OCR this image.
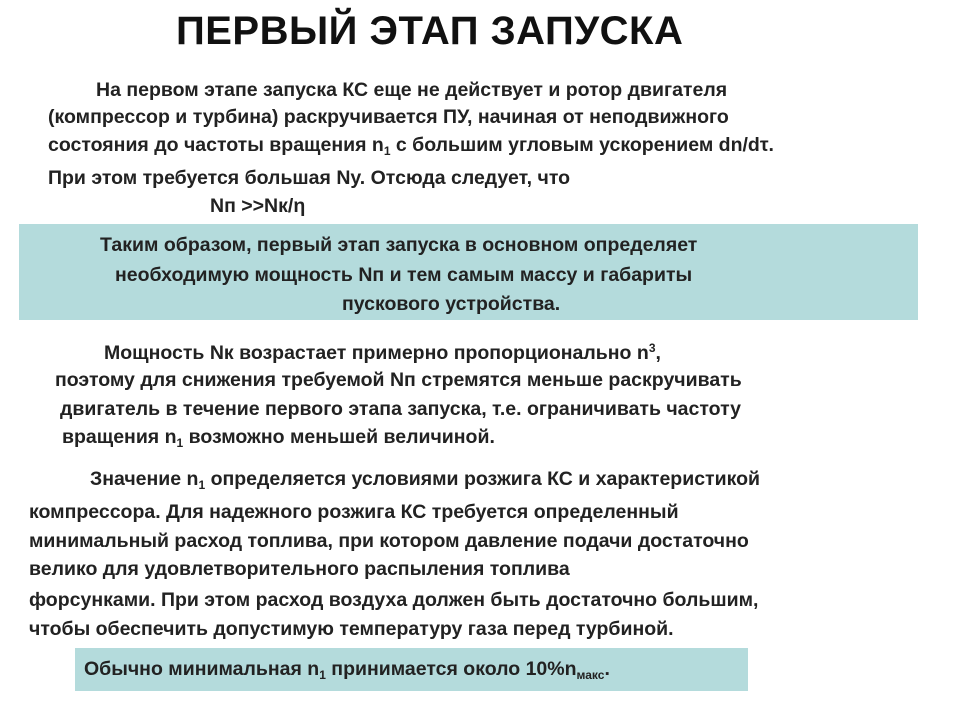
ПЕРВЫЙ ЭТАП ЗАПУСКА
На первом этапе запуска КС еще не действует и ротор двигателя
(компрессор и турбина) раскручивается ПУ, начиная от неподвижного
состояния до частоты вращения $n_1$ с большим угловым ускорением dn/dτ.
При этом требуется большая Ny. Отсюда следует, что
Nп >>Nк/η
Таким образом, первый этап запуска в основном определяет
необходимую мощность Nп и тем самым массу и габариты
пускового устройства.
Мощность Nк возрастает примерно пропорционально $n^3$,
поэтому для снижения требуемой Nп стремятся меньше раскручивать
двигатель в течение первого этапа запуска, т.е. ограничивать частоту
вращения $n_1$ возможно меньшей величиной.
Значение $n_1$ определяется условиями розжига КС и характеристикой
компрессора. Для надежного розжига КС требуется определенный
минимальный расход топлива, при котором давление подачи достаточно
велико для удовлетворительного распыления топлива
форсунками. При этом расход воздуха должен быть достаточно большим,
чтобы обеспечить допустимую температуру газа перед турбиной.
Обычно минимальная $n_1$ принимается около $10\%n_{макс}$.
